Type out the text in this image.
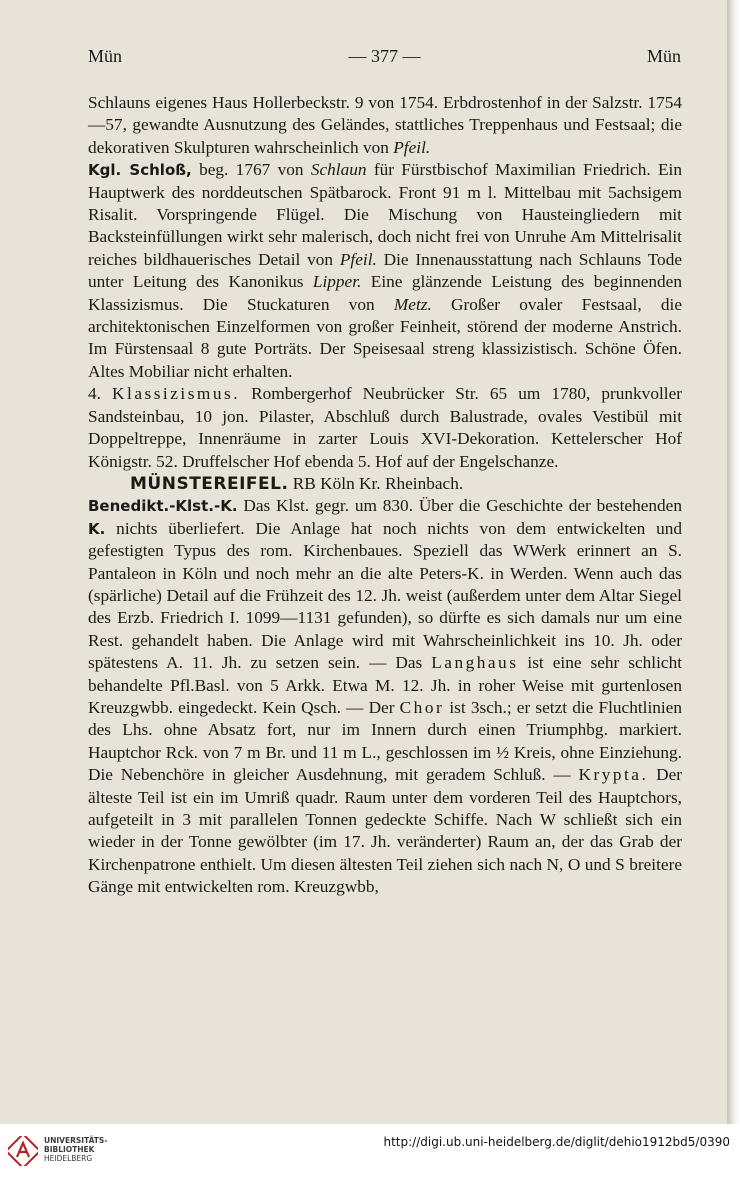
Mün	— 377 —	Mün

Schlauns eigenes Haus Hollerbeckstr. 9 von 1754. Erbdrostenhof in der Salzstr. 1754—57, gewandte Ausnutzung des Geländes, stattliches Treppenhaus und Festsaal; die dekorativen Skulpturen wahrscheinlich von Pfeil.

Kgl. Schloß, beg. 1767 von Schlaun für Fürstbischof Maximilian Friedrich. Ein Hauptwerk des norddeutschen Spätbarock. Front 91 m l. Mittelbau mit 5achsigem Risalit. Vorspringende Flügel. Die Mischung von Hausteingliedern mit Backsteinfüllungen wirkt sehr malerisch, doch nicht frei von Unruhe Am Mittelrisalit reiches bildhauerisches Detail von Pfeil. Die Innenausstattung nach Schlauns Tode unter Leitung des Kanonikus Lipper. Eine glänzende Leistung des beginnenden Klassizismus. Die Stuckaturen von Metz. Großer ovaler Festsaal, die architektonischen Einzelformen von großer Feinheit, störend der moderne Anstrich. Im Fürstensaal 8 gute Porträts. Der Speisesaal streng klassizistisch. Schöne Öfen. Altes Mobiliar nicht erhalten.

4. Klassizismus. Rombergerhof Neubrücker Str. 65 um 1780, prunkvoller Sandsteinbau, 10 jon. Pilaster, Abschluß durch Balustrade, ovales Vestibül mit Doppeltreppe, Innenräume in zarter Louis XVI-Dekoration. Kettelerscher Hof Königstr. 52. Druffelscher Hof ebenda 5. Hof auf der Engelschanze.

MÜNSTEREIFEL. RB Köln Kr. Rheinbach.

Benedikt.-Klst.-K. Das Klst. gegr. um 830. Über die Geschichte der bestehenden K. nichts überliefert. Die Anlage hat noch nichts von dem entwickelten und gefestigten Typus des rom. Kirchenbaues. Speziell das WWerk erinnert an S. Pantaleon in Köln und noch mehr an die alte Peters-K. in Werden. Wenn auch das (spärliche) Detail auf die Frühzeit des 12. Jh. weist (außerdem unter dem Altar Siegel des Erzb. Friedrich I. 1099—1131 gefunden), so dürfte es sich damals nur um eine Rest. gehandelt haben. Die Anlage wird mit Wahrscheinlichkeit ins 10. Jh. oder spätestens A. 11. Jh. zu setzen sein. — Das Langhaus ist eine sehr schlicht behandelte Pfl.Basl. von 5 Arkk. Etwa M. 12. Jh. in roher Weise mit gurtenlosen Kreuzgwbb. eingedeckt. Kein Qsch. — Der Chor ist 3sch.; er setzt die Fluchtlinien des Lhs. ohne Absatz fort, nur im Innern durch einen Triumphbg. markiert. Hauptchor Rck. von 7 m Br. und 11 m L., geschlossen im ½ Kreis, ohne Einziehung. Die Nebenchöre in gleicher Ausdehnung, mit geradem Schluß. — Krypta. Der älteste Teil ist ein im Umriß quadr. Raum unter dem vorderen Teil des Hauptchors, aufgeteilt in 3 mit parallelen Tonnen gedeckte Schiffe. Nach W schließt sich ein wieder in der Tonne gewölbter (im 17. Jh. veränderter) Raum an, der das Grab der Kirchenpatrone enthielt. Um diesen ältesten Teil ziehen sich nach N, O und S breitere Gänge mit entwickelten rom. Kreuzgwbb,

UNIVERSITÄTS-
BIBLIOTHEK
HEIDELBERG
http://digi.ub.uni-heidelberg.de/diglit/dehio1912bd5/0390
